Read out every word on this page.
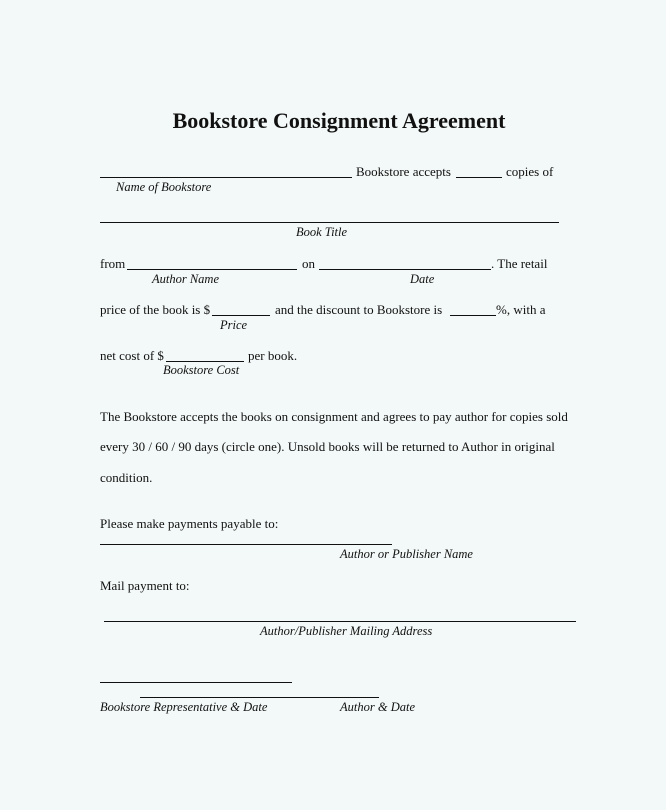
Bookstore Consignment Agreement
Bookstore accepts	copies of
Name of Bookstore
Book Title
from	on	. The retail
Author Name	Date
price of the book is $	and the discount to Bookstore is	%, with a
Price
net cost of $	per book.
Bookstore Cost
The Bookstore accepts the books on consignment and agrees to pay author for copies sold
every 30 / 60 / 90 days (circle one). Unsold books will be returned to Author in original
condition.
Please make payments payable to:
Author or Publisher Name
Mail payment to:
Author/Publisher Mailing Address
Bookstore Representative & Date	Author & Date
